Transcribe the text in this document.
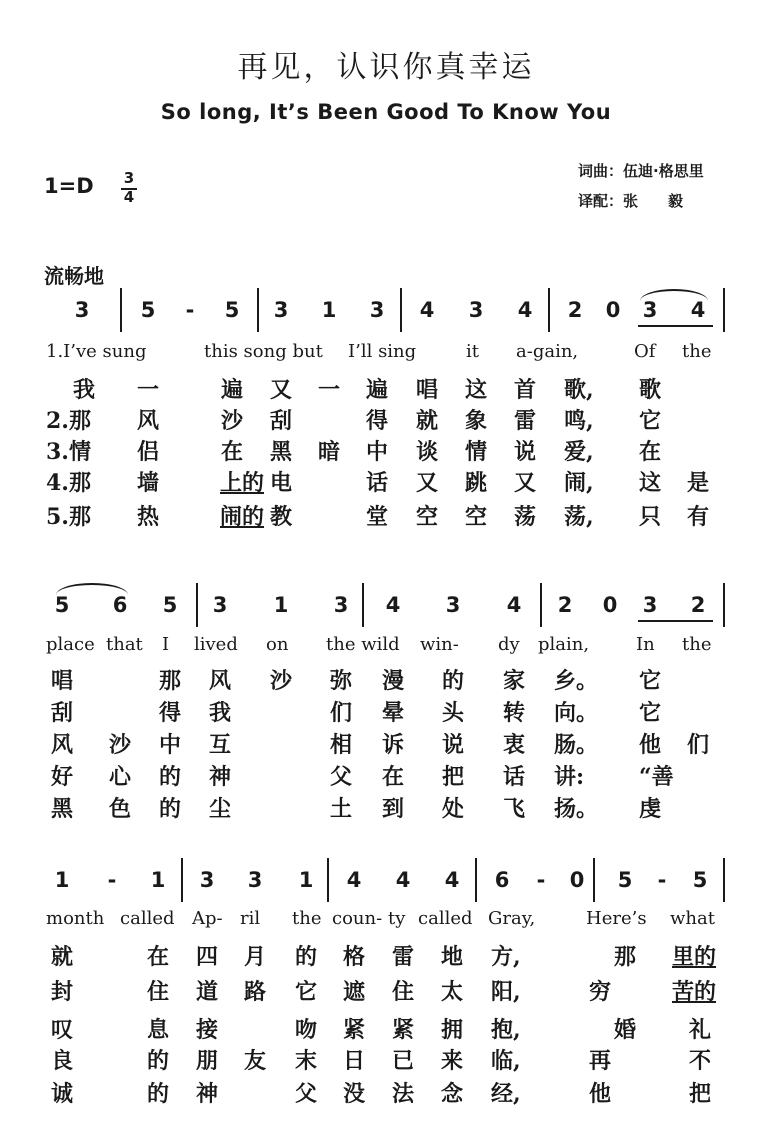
再见，认识你真幸运
So long, It’s Been Good To Know You
词曲：伍迪·格思里
译配：张　　毅
1=D 3
4
流畅地
3 5	-	5 3 1 3 4 3 4 2 0 3 4
1.I’ve sung	this song but I’ll sing	it a-gain,	Of the
我 一	遍 又 一 遍 唱 这 首 歌, 歌
2.那 风	沙 刮	得 就 象 雷 鸣, 它
3.情 侣	在 黑 暗 中 谈 情 说 爱, 在
4.那 墙	上的 电	话 又 跳 又 闹, 这 是
5.那 热	闹的 教	堂 空 空 荡 荡, 只 有
5 6 5 3 1 3 4 3 4 2 0 3 2
place that I lived on the wild win- dy plain,	In the
唱	那 风 沙 弥 漫 的 家 乡。 它
刮	得 我	们 晕 头 转 向。 它
风 沙 中 互	相 诉 说 衷 肠。 他 们
好 心 的 神	父 在 把 话 讲: “善
黑 色 的 尘	土 到 处 飞 扬。 虔
1	-	1 3 3 1 4 4 4 6	-	0 5	-	5
month called Ap- ril the coun- ty called Gray,	Here’s what
就	在 四 月 的 格 雷 地 方,	那 里的
封	住 道 路 它 遮 住 太 阳,	穷	苦的
叹	息 接	吻 紧 紧 拥 抱,	婚 礼
良	的 朋 友 末 日 已 来 临,	再	不
诚	的 神	父 没 法 念 经,	他	把
